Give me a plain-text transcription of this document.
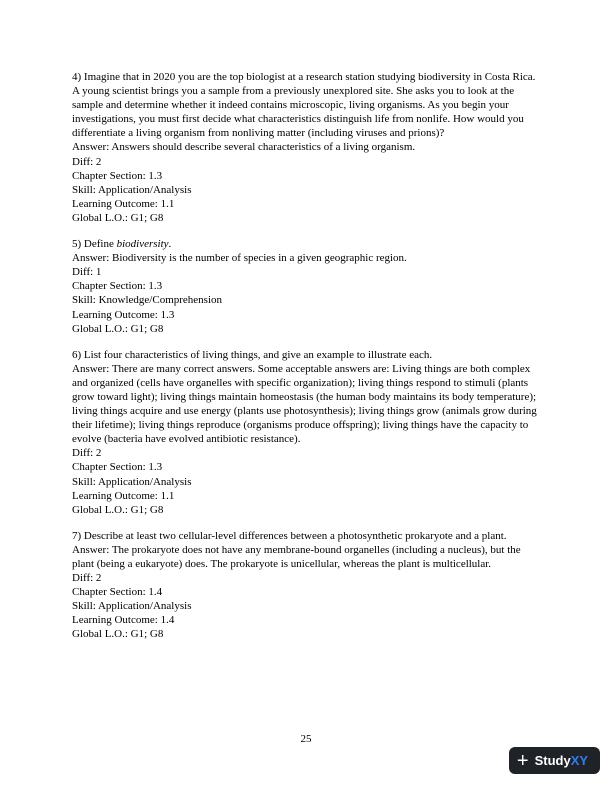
4) Imagine that in 2020 you are the top biologist at a research station studying biodiversity in Costa Rica. A young scientist brings you a sample from a previously unexplored site. She asks you to look at the sample and determine whether it indeed contains microscopic, living organisms. As you begin your investigations, you must first decide what characteristics distinguish life from nonlife. How would you differentiate a living organism from nonliving matter (including viruses and prions)?
Answer: Answers should describe several characteristics of a living organism.
Diff: 2
Chapter Section: 1.3
Skill: Application/Analysis
Learning Outcome: 1.1
Global L.O.: G1; G8
5) Define biodiversity.
Answer: Biodiversity is the number of species in a given geographic region.
Diff: 1
Chapter Section: 1.3
Skill: Knowledge/Comprehension
Learning Outcome: 1.3
Global L.O.: G1; G8
6) List four characteristics of living things, and give an example to illustrate each.
Answer: There are many correct answers. Some acceptable answers are: Living things are both complex and organized (cells have organelles with specific organization); living things respond to stimuli (plants grow toward light); living things maintain homeostasis (the human body maintains its body temperature); living things acquire and use energy (plants use photosynthesis); living things grow (animals grow during their lifetime); living things reproduce (organisms produce offspring); living things have the capacity to evolve (bacteria have evolved antibiotic resistance).
Diff: 2
Chapter Section: 1.3
Skill: Application/Analysis
Learning Outcome: 1.1
Global L.O.: G1; G8
7) Describe at least two cellular-level differences between a photosynthetic prokaryote and a plant.
Answer: The prokaryote does not have any membrane-bound organelles (including a nucleus), but the plant (being a eukaryote) does. The prokaryote is unicellular, whereas the plant is multicellular.
Diff: 2
Chapter Section: 1.4
Skill: Application/Analysis
Learning Outcome: 1.4
Global L.O.: G1; G8
25
+ Study XY
